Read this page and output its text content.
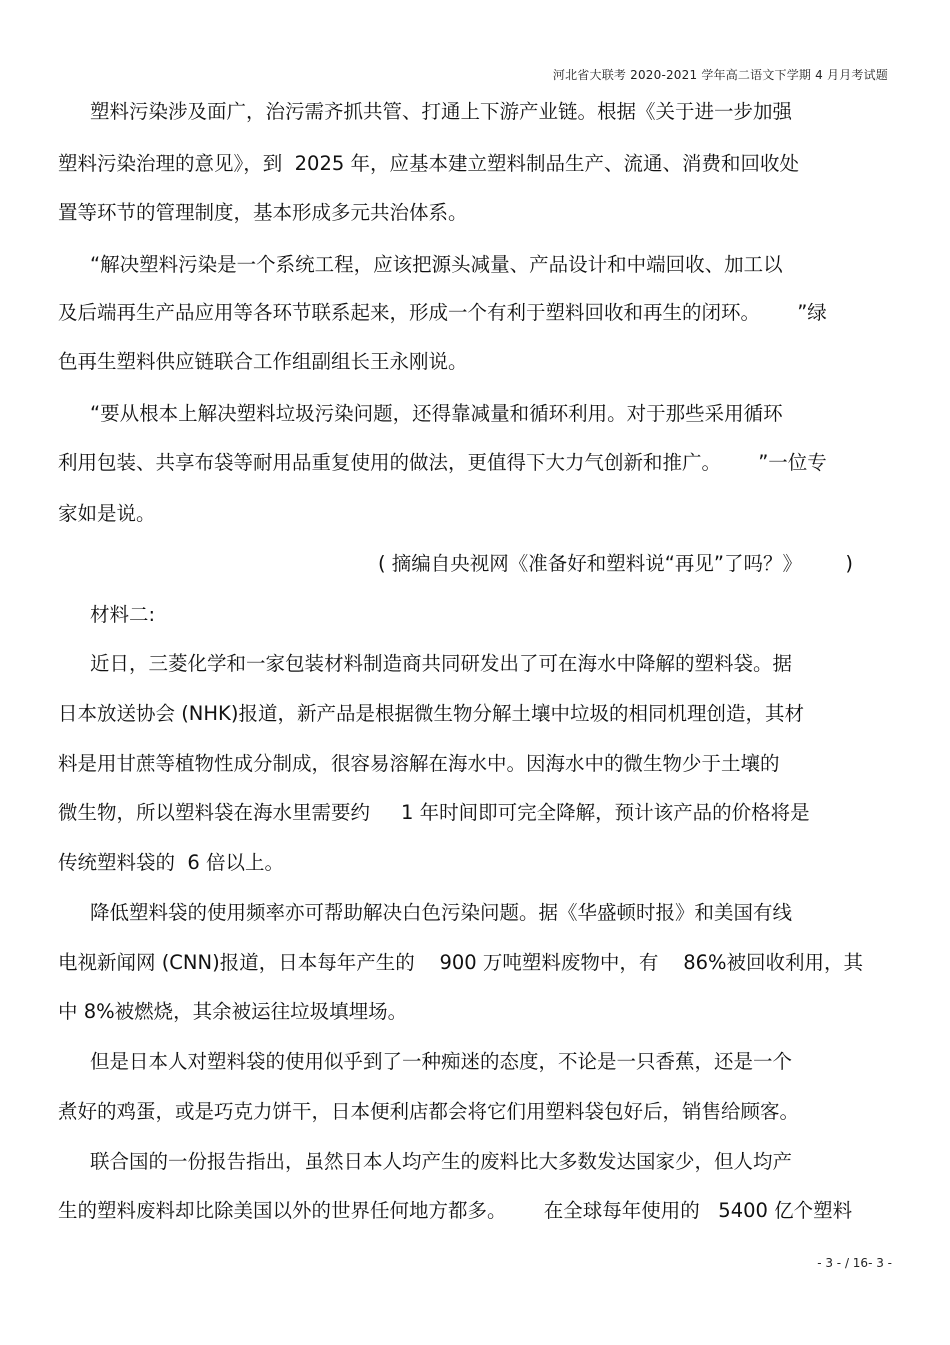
河北省大联考 2020-2021 学年高二语文下学期 4 月月考试题
塑料污染涉及面广，治污需齐抓共管、打通上下游产业链。根据《关于进一步加强
塑料污染治理的意见》，到  2025 年，应基本建立塑料制品生产、流通、消费和回收处
置等环节的管理制度，基本形成多元共治体系。
“解决塑料污染是一个系统工程，应该把源头减量、产品设计和中端回收、加工以
及后端再生产品应用等各环节联系起来，形成一个有利于塑料回收和再生的闭环。      ”绿
色再生塑料供应链联合工作组副组长王永刚说。
“要从根本上解决塑料垃圾污染问题，还得靠减量和循环利用。对于那些采用循环
利用包装、共享布袋等耐用品重复使用的做法，更值得下大力气创新和推广。      ”一位专
家如是说。
( 摘编自央视网《准备好和塑料说“再见”了吗？》       )
材料二:
近日，三菱化学和一家包装材料制造商共同研发出了可在海水中降解的塑料袋。据
日本放送协会 (NHK)报道，新产品是根据微生物分解土壤中垃圾的相同机理创造，其材
料是用甘蔗等植物性成分制成，很容易溶解在海水中。因海水中的微生物少于土壤的
微生物，所以塑料袋在海水里需要约     1 年时间即可完全降解，预计该产品的价格将是
传统塑料袋的  6 倍以上。
降低塑料袋的使用频率亦可帮助解决白色污染问题。据《华盛顿时报》和美国有线
电视新闻网 (CNN)报道，日本每年产生的    900 万吨塑料废物中，有    86%被回收利用，其
中 8%被燃烧，其余被运往垃圾填埋场。
但是日本人对塑料袋的使用似乎到了一种痴迷的态度，不论是一只香蕉，还是一个
煮好的鸡蛋，或是巧克力饼干，日本便利店都会将它们用塑料袋包好后，销售给顾客。
联合国的一份报告指出，虽然日本人均产生的废料比大多数发达国家少，但人均产
生的塑料废料却比除美国以外的世界任何地方都多。      在全球每年使用的   5400 亿个塑料
- 3 - / 16- 3 -
